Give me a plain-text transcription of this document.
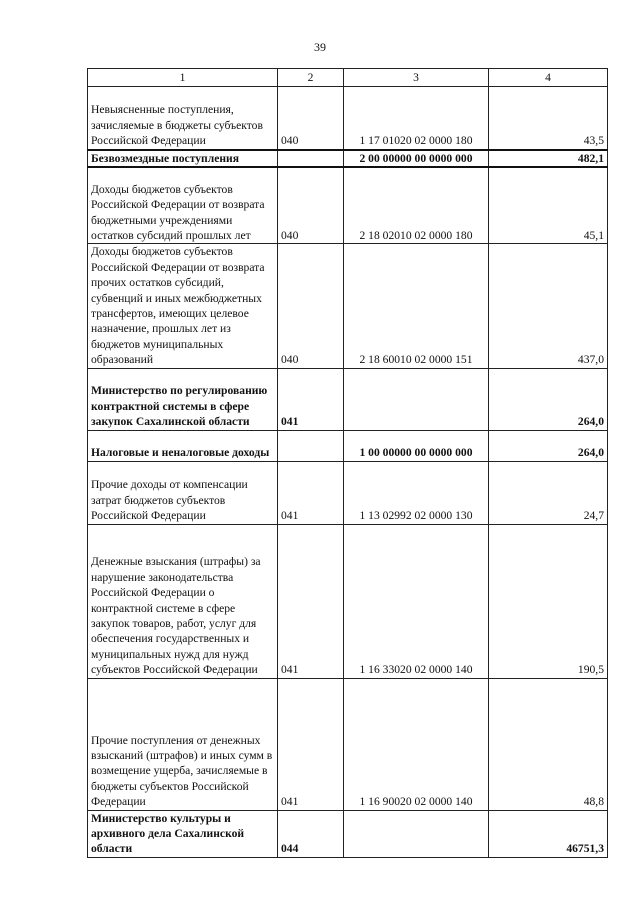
39
1	2	3	4
Невыясненные поступления, зачисляемые в бюджеты субъектов Российской Федерации	040	1 17 01020 02 0000 180	43,5
Безвозмездные поступления		2 00 00000 00 0000 000	482,1
Доходы бюджетов субъектов Российской Федерации от возврата бюджетными учреждениями остатков субсидий прошлых лет	040	2 18 02010 02 0000 180	45,1
Доходы бюджетов субъектов Российской Федерации от возврата прочих остатков субсидий, субвенций и иных межбюджетных трансфертов, имеющих целевое назначение, прошлых лет из бюджетов муниципальных образований	040	2 18 60010 02 0000 151	437,0
Министерство по регулированию контрактной системы в сфере закупок Сахалинской области	041		264,0
Налоговые и неналоговые доходы		1 00 00000 00 0000 000	264,0
Прочие доходы от компенсации затрат бюджетов субъектов Российской Федерации	041	1 13 02992 02 0000 130	24,7
Денежные взыскания (штрафы) за нарушение законодательства Российской Федерации о контрактной системе в сфере закупок товаров, работ, услуг для обеспечения государственных и муниципальных нужд для нужд субъектов Российской Федерации	041	1 16 33020 02 0000 140	190,5
Прочие поступления от денежных взысканий (штрафов) и иных сумм в возмещение ущерба, зачисляемые в бюджеты субъектов Российской Федерации	041	1 16 90020 02 0000 140	48,8
Министерство культуры и архивного дела Сахалинской области	044		46751,3
